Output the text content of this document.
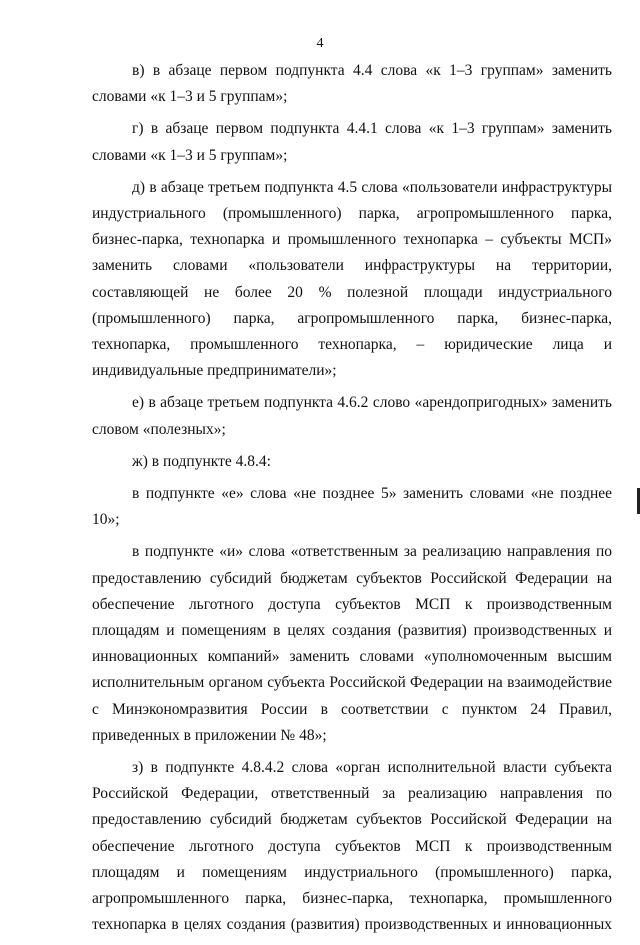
4

в) в абзаце первом подпункта 4.4 слова «к 1–3 группам» заменить словами «к 1–3 и 5 группам»;

г) в абзаце первом подпункта 4.4.1 слова «к 1–3 группам» заменить словами «к 1–3 и 5 группам»;

д) в абзаце третьем подпункта 4.5 слова «пользователи инфраструктуры индустриального (промышленного) парка, агропромышленного парка, бизнес-парка, технопарка и промышленного технопарка – субъекты МСП» заменить словами «пользователи инфраструктуры на территории, составляющей не более 20 % полезной площади индустриального (промышленного) парка, агропромышленного парка, бизнес-парка, технопарка, промышленного технопарка, – юридические лица и индивидуальные предприниматели»;

е) в абзаце третьем подпункта 4.6.2 слово «арендопригодных» заменить словом «полезных»;

ж) в подпункте 4.8.4:

в подпункте «е» слова «не позднее 5» заменить словами «не позднее 10»;

в подпункте «и» слова «ответственным за реализацию направления по предоставлению субсидий бюджетам субъектов Российской Федерации на обеспечение льготного доступа субъектов МСП к производственным площадям и помещениям в целях создания (развития) производственных и инновационных компаний» заменить словами «уполномоченным высшим исполнительным органом субъекта Российской Федерации на взаимодействие с Минэкономразвития России в соответствии с пунктом 24 Правил, приведенных в приложении № 48»;

з) в подпункте 4.8.4.2 слова «орган исполнительной власти субъекта Российской Федерации, ответственный за реализацию направления по предоставлению субсидий бюджетам субъектов Российской Федерации на обеспечение льготного доступа субъектов МСП к производственным площадям и помещениям индустриального (промышленного) парка, агропромышленного парка, бизнес-парка, технопарка, промышленного технопарка в целях создания (развития) производственных и инновационных
